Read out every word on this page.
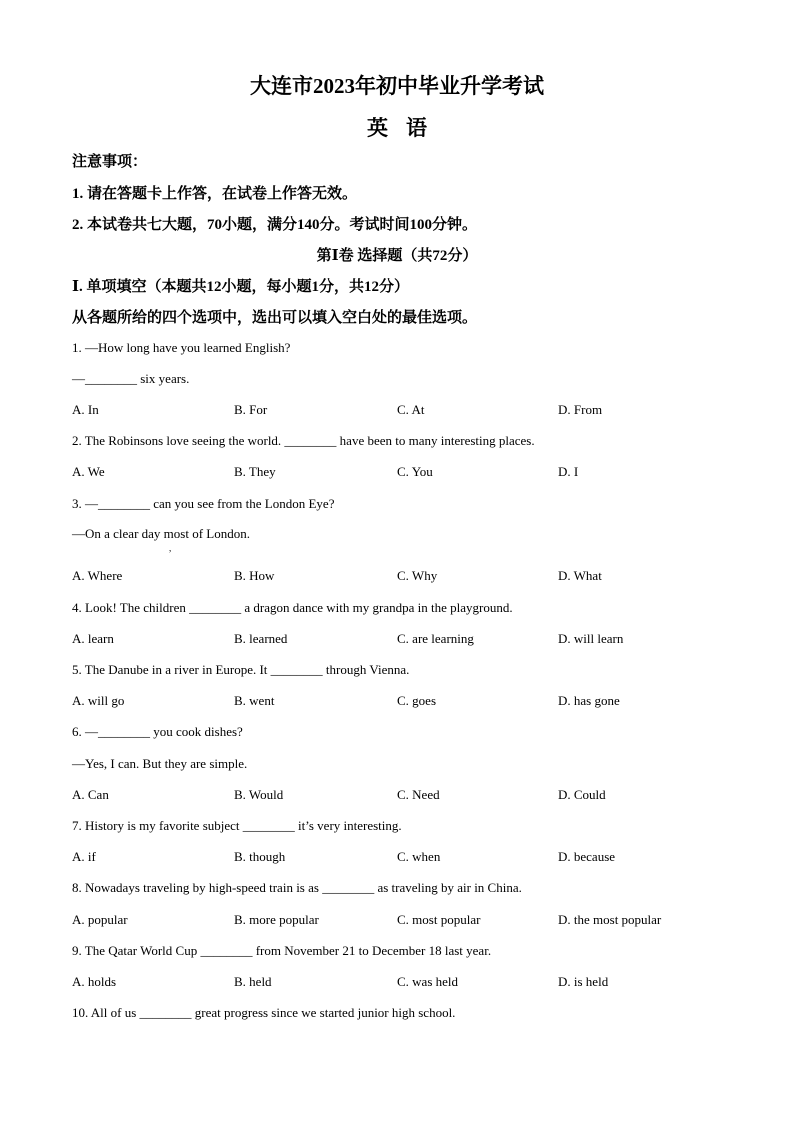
大连市2023年初中毕业升学考试
英语
注意事项：
1. 请在答题卡上作答，在试卷上作答无效。
2. 本试卷共七大题，70小题，满分140分。考试时间100分钟。
第Ⅰ卷 选择题（共72分）
Ⅰ. 单项填空（本题共12小题，每小题1分，共12分）
从各题所给的四个选项中，选出可以填入空白处的最佳选项。
1. —How long have you learned English?
—________ six years.
A. In	B. For	C. At	D. From
2. The Robinsons love seeing the world. ________ have been to many interesting places.
A. We	B. They	C. You	D. I
3. —________ can you see from the London Eye?
—On a clear day most of London.
,
A. Where	B. How	C. Why	D. What
4. Look! The children ________ a dragon dance with my grandpa in the playground.
A. learn	B. learned	C. are learning	D. will learn
5. The Danube in a river in Europe. It ________ through Vienna.
A. will go	B. went	C. goes	D. has gone
6. —________ you cook dishes?
—Yes, I can. But they are simple.
A. Can	B. Would	C. Need	D. Could
7. History is my favorite subject ________ it’s very interesting.
A. if	B. though	C. when	D. because
8. Nowadays traveling by high-speed train is as ________ as traveling by air in China.
A. popular	B. more popular	C. most popular	D. the most popular
9. The Qatar World Cup ________ from November 21 to December 18 last year.
A. holds	B. held	C. was held	D. is held
10. All of us ________ great progress since we started junior high school.
